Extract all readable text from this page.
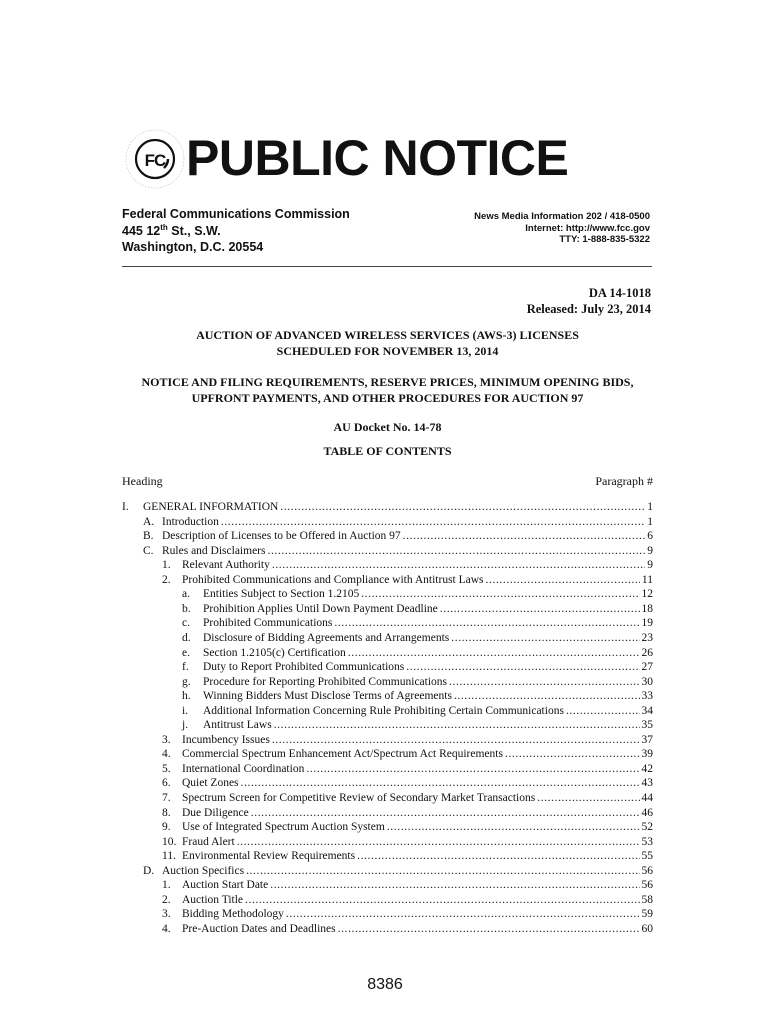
FC PUBLIC NOTICE
Federal Communications Commission
445 12th St., S.W.
Washington, D.C. 20554
News Media Information 202 / 418-0500
Internet: http://www.fcc.gov
TTY: 1-888-835-5322
DA 14-1018
Released: July 23, 2014
AUCTION OF ADVANCED WIRELESS SERVICES (AWS-3) LICENSES
SCHEDULED FOR NOVEMBER 13, 2014
NOTICE AND FILING REQUIREMENTS, RESERVE PRICES, MINIMUM OPENING BIDS,
UPFRONT PAYMENTS, AND OTHER PROCEDURES FOR AUCTION 97
AU Docket No. 14-78
TABLE OF CONTENTS
Heading	Paragraph #
I. GENERAL INFORMATION .....	1
A. Introduction .....	1
B. Description of Licenses to be Offered in Auction 97 .....	6
C. Rules and Disclaimers .....	9
1. Relevant Authority .....	9
2. Prohibited Communications and Compliance with Antitrust Laws .....	11
a. Entities Subject to Section 1.2105 .....	12
b. Prohibition Applies Until Down Payment Deadline .....	18
c. Prohibited Communications .....	19
d. Disclosure of Bidding Agreements and Arrangements .....	23
e. Section 1.2105(c) Certification .....	26
f. Duty to Report Prohibited Communications .....	27
g. Procedure for Reporting Prohibited Communications .....	30
h. Winning Bidders Must Disclose Terms of Agreements .....	33
i. Additional Information Concerning Rule Prohibiting Certain Communications .....	34
j. Antitrust Laws .....	35
3. Incumbency Issues .....	37
4. Commercial Spectrum Enhancement Act/Spectrum Act Requirements .....	39
5. International Coordination .....	42
6. Quiet Zones .....	43
7. Spectrum Screen for Competitive Review of Secondary Market Transactions .....	44
8. Due Diligence .....	46
9. Use of Integrated Spectrum Auction System .....	52
10. Fraud Alert .....	53
11. Environmental Review Requirements .....	55
D. Auction Specifics .....	56
1. Auction Start Date .....	56
2. Auction Title .....	58
3. Bidding Methodology .....	59
4. Pre-Auction Dates and Deadlines .....	60
8386
